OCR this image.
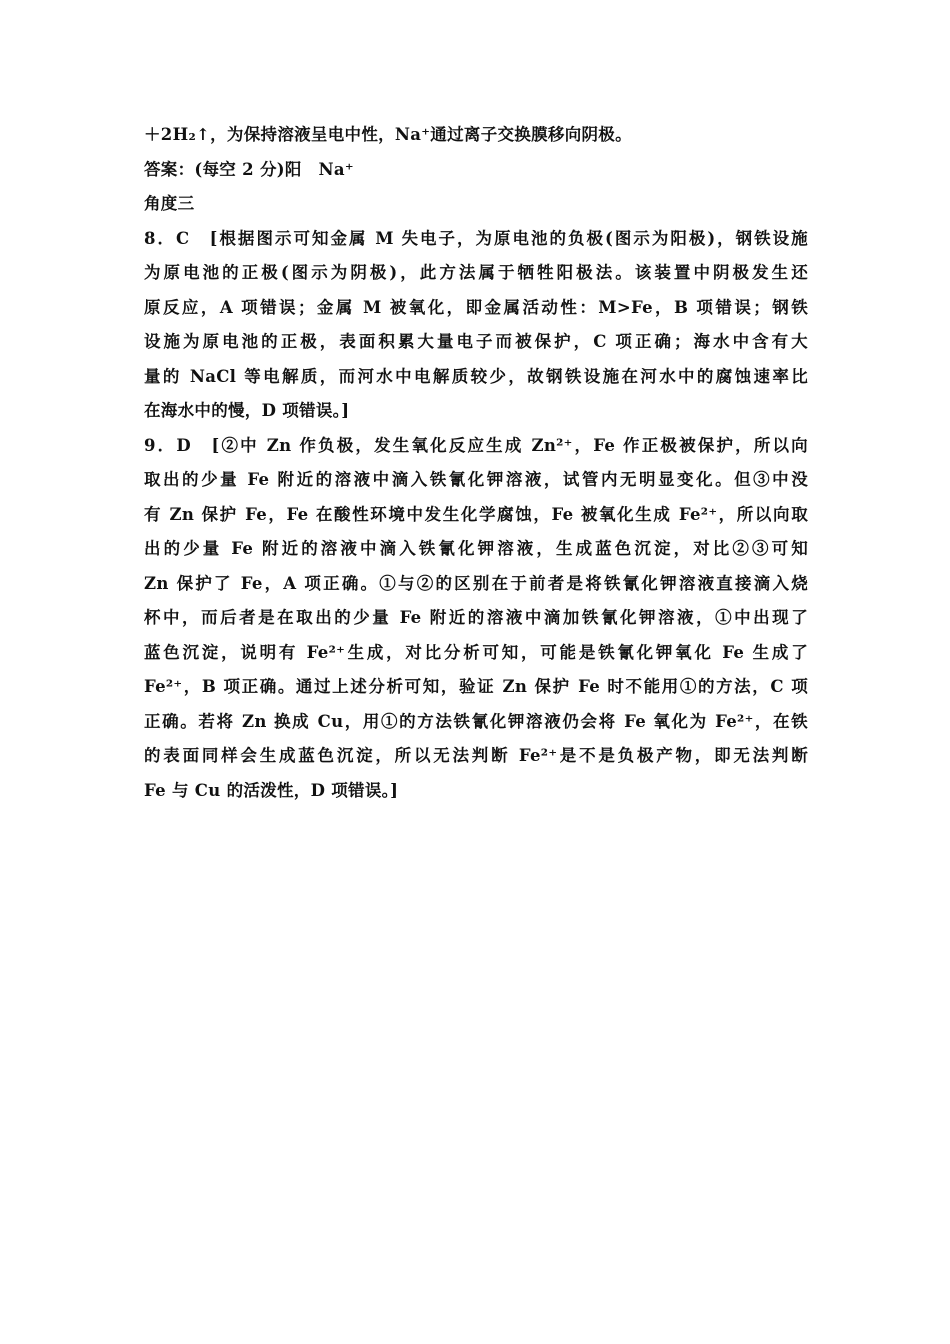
＋2H₂↑，为保持溶液呈电中性，Na⁺通过离子交换膜移向阴极。
答案：(每空 2 分)阳　Na⁺
角度三
8．C　[根据图示可知金属 M 失电子，为原电池的负极(图示为阳极)，钢铁设施
为原电池的正极(图示为阴极)，此方法属于牺牲阳极法。该装置中阴极发生还
原反应，A 项错误；金属 M 被氧化，即金属活动性：M>Fe，B 项错误；钢铁
设施为原电池的正极，表面积累大量电子而被保护，C 项正确；海水中含有大
量的 NaCl 等电解质，而河水中电解质较少，故钢铁设施在河水中的腐蚀速率比
在海水中的慢，D 项错误。]
9．D　[②中 Zn 作负极，发生氧化反应生成 Zn²⁺，Fe 作正极被保护，所以向
取出的少量 Fe 附近的溶液中滴入铁氰化钾溶液，试管内无明显变化。但③中没
有 Zn 保护 Fe，Fe 在酸性环境中发生化学腐蚀，Fe 被氧化生成 Fe²⁺，所以向取
出的少量 Fe 附近的溶液中滴入铁氰化钾溶液，生成蓝色沉淀，对比②③可知
Zn 保护了 Fe，A 项正确。①与②的区别在于前者是将铁氰化钾溶液直接滴入烧
杯中，而后者是在取出的少量 Fe 附近的溶液中滴加铁氰化钾溶液，①中出现了
蓝色沉淀，说明有 Fe²⁺生成，对比分析可知，可能是铁氰化钾氧化 Fe 生成了
Fe²⁺，B 项正确。通过上述分析可知，验证 Zn 保护 Fe 时不能用①的方法，C 项
正确。若将 Zn 换成 Cu，用①的方法铁氰化钾溶液仍会将 Fe 氧化为 Fe²⁺，在铁
的表面同样会生成蓝色沉淀，所以无法判断 Fe²⁺是不是负极产物，即无法判断
Fe 与 Cu 的活泼性，D 项错误。]
